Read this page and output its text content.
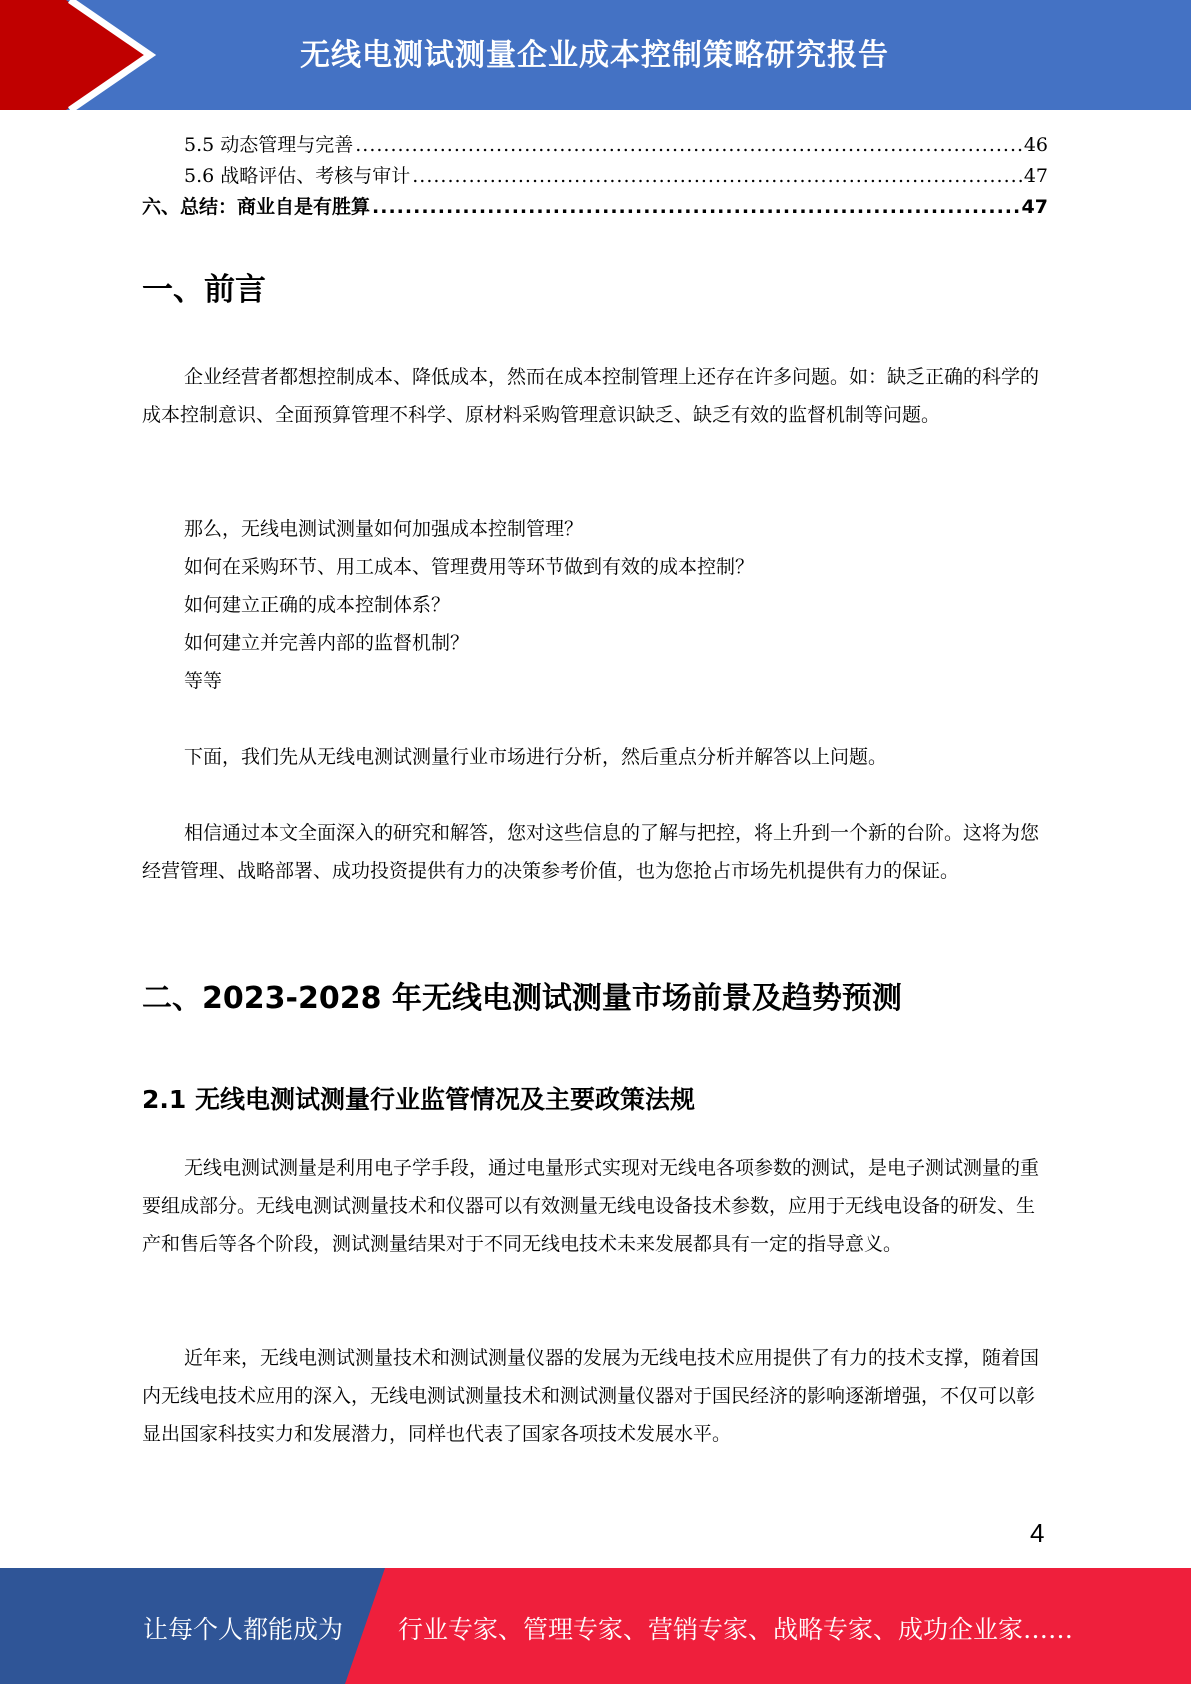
无线电测试测量企业成本控制策略研究报告
5.5 动态管理与完善 .....	46
5.6 战略评估、考核与审计 .....	47
六、总结：商业自是有胜算 .....	47
一、前言

企业经营者都想控制成本、降低成本，然而在成本控制管理上还存在许多问题。如：缺乏正确的科学的成本控制意识、全面预算管理不科学、原材料采购管理意识缺乏、缺乏有效的监督机制等问题。

那么，无线电测试测量如何加强成本控制管理？
如何在采购环节、用工成本、管理费用等环节做到有效的成本控制？
如何建立正确的成本控制体系？
如何建立并完善内部的监督机制？
等等

下面，我们先从无线电测试测量行业市场进行分析，然后重点分析并解答以上问题。

相信通过本文全面深入的研究和解答，您对这些信息的了解与把控，将上升到一个新的台阶。这将为您经营管理、战略部署、成功投资提供有力的决策参考价值，也为您抢占市场先机提供有力的保证。

二、2023-2028 年无线电测试测量市场前景及趋势预测
2.1 无线电测试测量行业监管情况及主要政策法规

无线电测试测量是利用电子学手段，通过电量形式实现对无线电各项参数的测试，是电子测试测量的重要组成部分。无线电测试测量技术和仪器可以有效测量无线电设备技术参数，应用于无线电设备的研发、生产和售后等各个阶段，测试测量结果对于不同无线电技术未来发展都具有一定的指导意义。

近年来，无线电测试测量技术和测试测量仪器的发展为无线电技术应用提供了有力的技术支撑，随着国内无线电技术应用的深入，无线电测试测量技术和测试测量仪器对于国民经济的影响逐渐增强，不仅可以彰显出国家科技实力和发展潜力，同样也代表了国家各项技术发展水平。

4
让每个人都能成为 行业专家、管理专家、营销专家、战略专家、成功企业家……
